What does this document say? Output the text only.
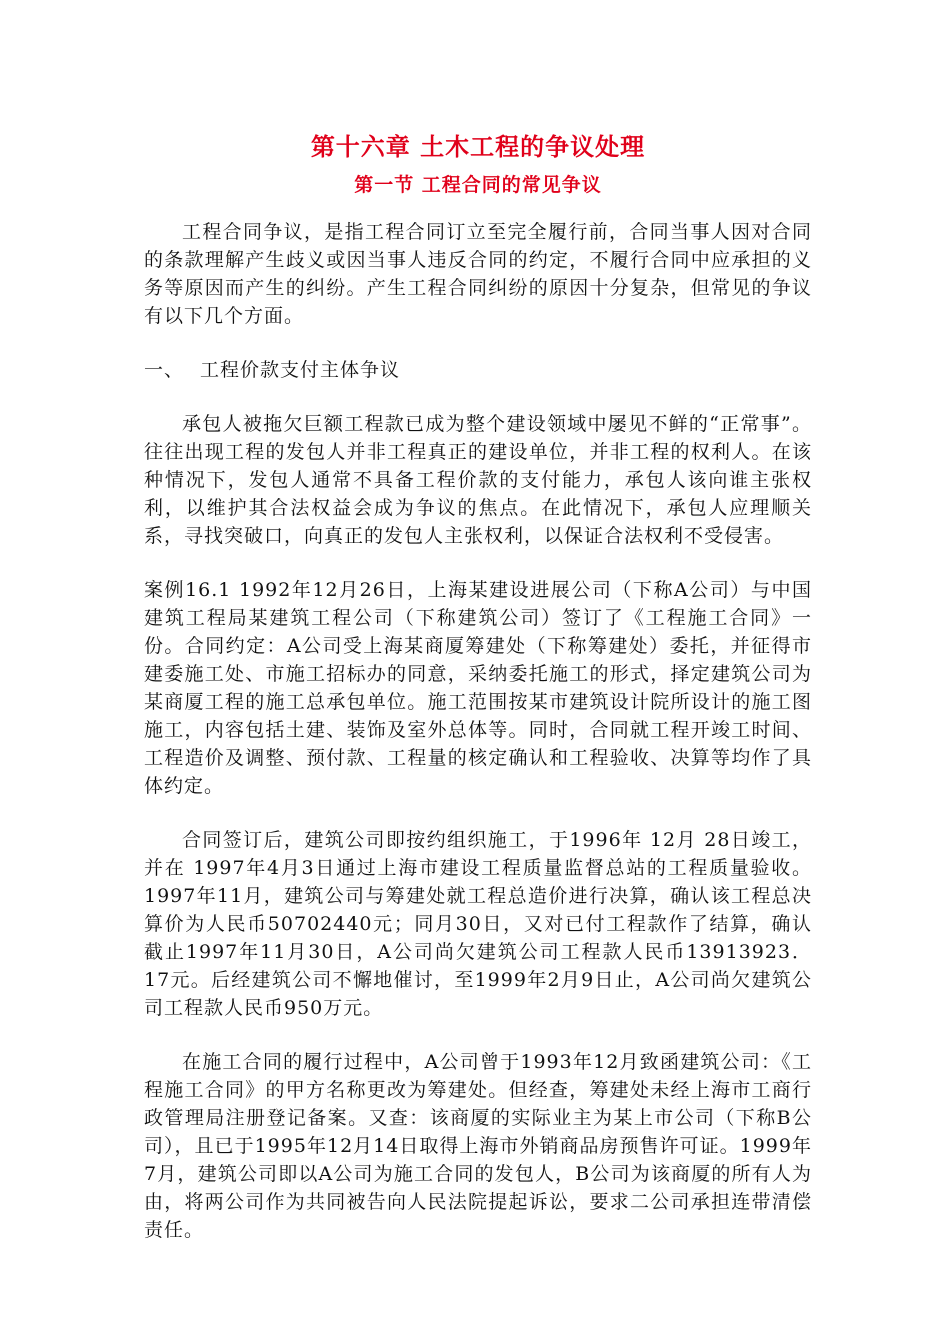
第十六章 土木工程的争议处理
第一节 工程合同的常见争议

工程合同争议，是指工程合同订立至完全履行前，合同当事人因对合同的条款理解产生歧义或因当事人违反合同的约定，不履行合同中应承担的义务等原因而产生的纠纷。产生工程合同纠纷的原因十分复杂，但常见的争议有以下几个方面。

一、 工程价款支付主体争议

承包人被拖欠巨额工程款已成为整个建设领域中屡见不鲜的“正常事”。往往出现工程的发包人并非工程真正的建设单位，并非工程的权利人。在该种情况下，发包人通常不具备工程价款的支付能力，承包人该向谁主张权利，以维护其合法权益会成为争议的焦点。在此情况下，承包人应理顺关系，寻找突破口，向真正的发包人主张权利，以保证合法权利不受侵害。

案例16.1 1992年12月26日，上海某建设进展公司（下称A公司）与中国建筑工程局某建筑工程公司（下称建筑公司）签订了《工程施工合同》一份。合同约定：A公司受上海某商厦筹建处（下称筹建处）委托，并征得市建委施工处、市施工招标办的同意，采纳委托施工的形式，择定建筑公司为某商厦工程的施工总承包单位。施工范围按某市建筑设计院所设计的施工图施工，内容包括土建、装饰及室外总体等。同时，合同就工程开竣工时间、工程造价及调整、预付款、工程量的核定确认和工程验收、决算等均作了具体约定。

合同签订后，建筑公司即按约组织施工，于1996年 12月 28日竣工，并在 1997年4月3日通过上海市建设工程质量监督总站的工程质量验收。1997年11月，建筑公司与筹建处就工程总造价进行决算，确认该工程总决算价为人民币50702440元；同月30日，又对已付工程款作了结算，确认截止1997年11月30日，A公司尚欠建筑公司工程款人民币13913923．17元。后经建筑公司不懈地催讨，至1999年2月9日止，A公司尚欠建筑公司工程款人民币950万元。

在施工合同的履行过程中，A公司曾于1993年12月致函建筑公司：《工程施工合同》的甲方名称更改为筹建处。但经查，筹建处未经上海市工商行政管理局注册登记备案。又查：该商厦的实际业主为某上市公司（下称B公司），且已于1995年12月14日取得上海市外销商品房预售许可证。1999年7月，建筑公司即以A公司为施工合同的发包人，B公司为该商厦的所有人为由，将两公司作为共同被告向人民法院提起诉讼，要求二公司承担连带清偿责任。
